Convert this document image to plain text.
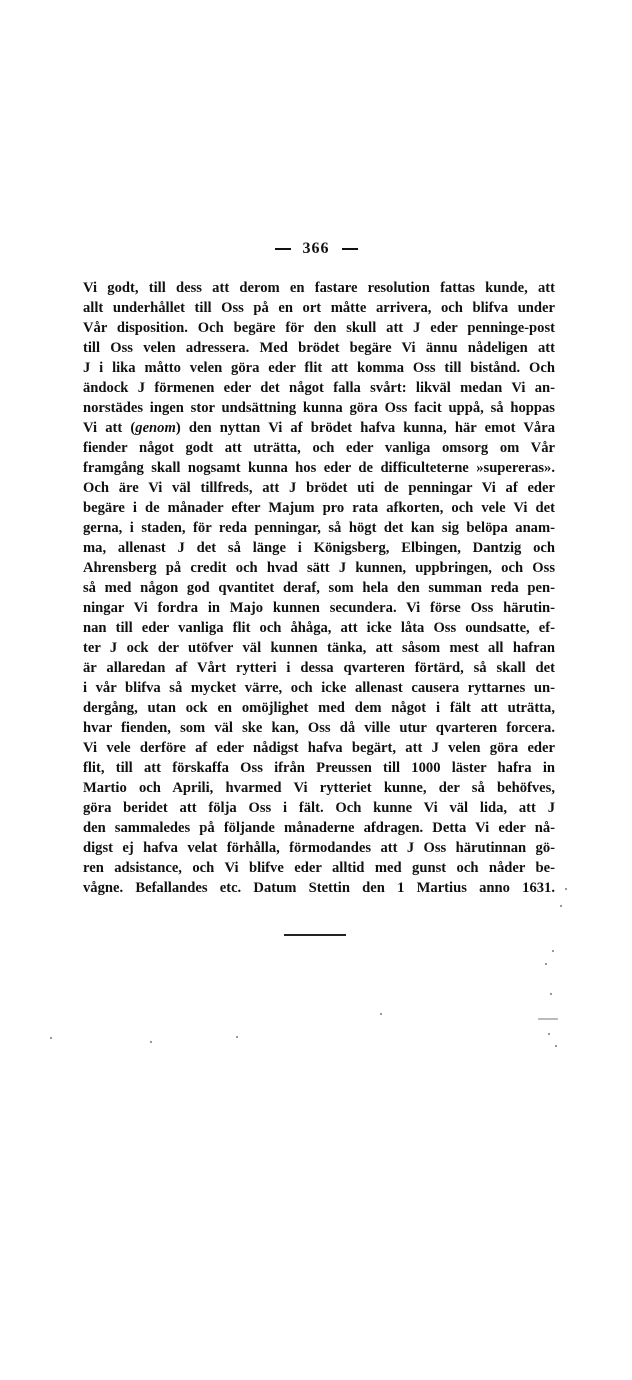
366
Vi godt, till dess att derom en fastare resolution fattas kunde, att
allt underhållet till Oss på en ort måtte arrivera, och blifva under
Vår disposition. Och begäre för den skull att J eder penninge-post
till Oss velen adressera. Med brödet begäre Vi ännu nådeligen att
J i lika måtto velen göra eder flit att komma Oss till bistånd. Och
ändock J förmenen eder det något falla svårt: likväl medan Vi an-
norstädes ingen stor undsättning kunna göra Oss facit uppå, så hoppas
Vi att (genom) den nyttan Vi af brödet hafva kunna, här emot Våra
fiender något godt att uträtta, och eder vanliga omsorg om Vår
framgång skall nogsamt kunna hos eder de difficulteterne »supereras».
Och äre Vi väl tillfreds, att J brödet uti de penningar Vi af eder
begäre i de månader efter Majum pro rata afkorten, och vele Vi det
gerna, i staden, för reda penningar, så högt det kan sig belöpa anam-
ma, allenast J det så länge i Königsberg, Elbingen, Dantzig och
Ahrensberg på credit och hvad sätt J kunnen, uppbringen, och Oss
så med någon god qvantitet deraf, som hela den summan reda pen-
ningar Vi fordra in Majo kunnen secundera. Vi förse Oss härutin-
nan till eder vanliga flit och åhåga, att icke låta Oss oundsatte, ef-
ter J ock der utöfver väl kunnen tänka, att såsom mest all hafran
är allaredan af Vårt rytteri i dessa qvarteren förtärd, så skall det
i vår blifva så mycket värre, och icke allenast causera ryttarnes un-
dergång, utan ock en omöjlighet med dem något i fält att uträtta,
hvar fienden, som väl ske kan, Oss då ville utur qvarteren forcera.
Vi vele derföre af eder nådigst hafva begärt, att J velen göra eder
flit, till att förskaffa Oss ifrån Preussen till 1000 läster hafra in
Martio och Aprili, hvarmed Vi rytteriet kunne, der så behöfves,
göra beridet att följa Oss i fält. Och kunne Vi väl lida, att J
den sammaledes på följande månaderne afdragen. Detta Vi eder nå-
digst ej hafva velat förhålla, förmodandes att J Oss härutinnan gö-
ren adsistance, och Vi blifve eder alltid med gunst och nåder be-
vågne. Befallandes etc. Datum Stettin den 1 Martius anno 1631.
